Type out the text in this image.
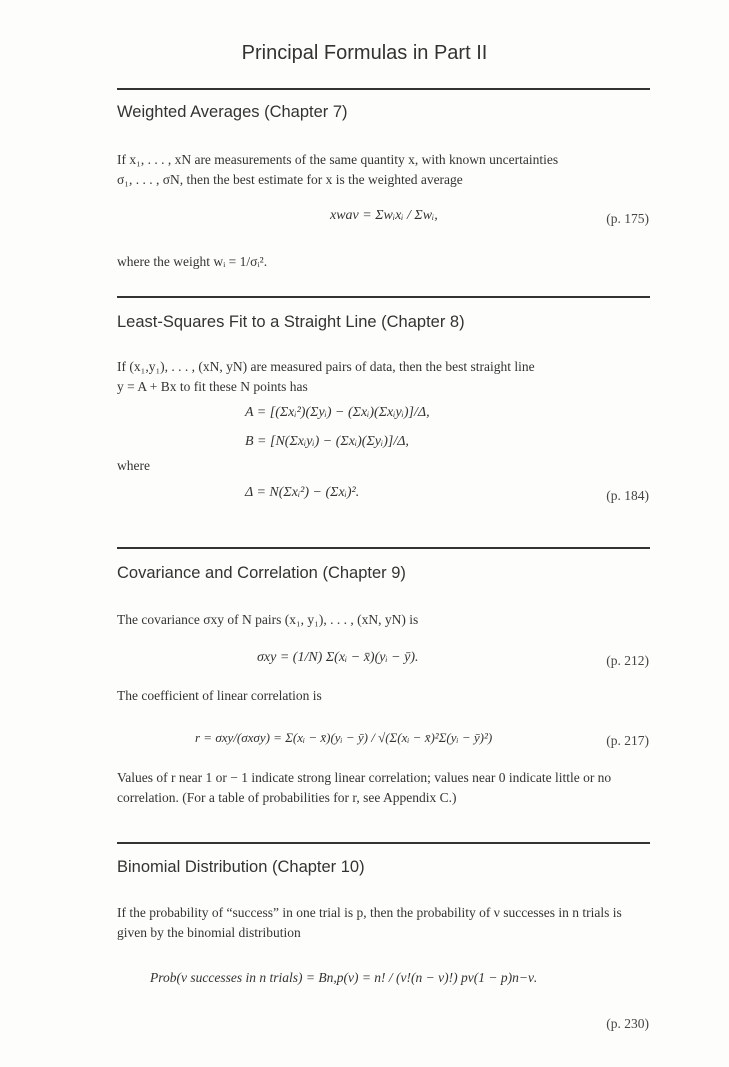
Principal Formulas in Part II
Weighted Averages (Chapter 7)
If x₁, . . . , xN are measurements of the same quantity x, with known uncertainties
σ₁, . . . , σN, then the best estimate for x is the weighted average
xwav = Σwᵢxᵢ / Σwᵢ,	(p. 175)
where the weight wᵢ = 1/σᵢ².
Least-Squares Fit to a Straight Line (Chapter 8)
If (x₁,y₁), . . . , (xN, yN) are measured pairs of data, then the best straight line
y = A + Bx to fit these N points has
A = [(Σxᵢ²)(Σyᵢ) − (Σxᵢ)(Σxᵢyᵢ)]/Δ,
B = [N(Σxᵢyᵢ) − (Σxᵢ)(Σyᵢ)]/Δ,
where
Δ = N(Σxᵢ²) − (Σxᵢ)².	(p. 184)
Covariance and Correlation (Chapter 9)
The covariance σxy of N pairs (x₁, y₁), . . . , (xN, yN) is
σxy = (1/N) Σ(xᵢ − x̄)(yᵢ − ȳ).	(p. 212)
The coefficient of linear correlation is
r = σxy/(σxσy) = Σ(xᵢ − x̄)(yᵢ − ȳ) / √(Σ(xᵢ − x̄)²Σ(yᵢ − ȳ)²)	(p. 217)
Values of r near 1 or − 1 indicate strong linear correlation; values near 0 indicate little or no correlation. (For a table of probabilities for r, see Appendix C.)
Binomial Distribution (Chapter 10)
If the probability of “success” in one trial is p, then the probability of ν successes in n trials is given by the binomial distribution
Prob(ν successes in n trials) = Bn,p(ν) = n! / (ν!(n − ν)!) pν(1 − p)n−ν.
(p. 230)
